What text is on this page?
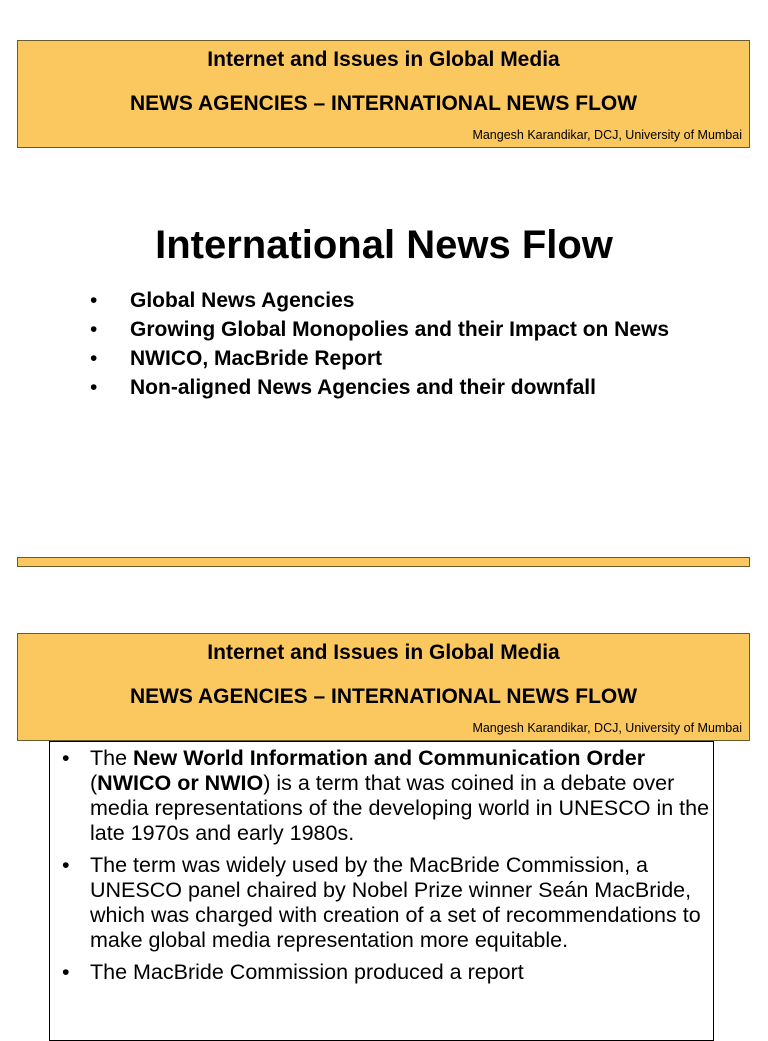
Internet and Issues in Global Media
NEWS AGENCIES – INTERNATIONAL NEWS FLOW
Mangesh Karandikar, DCJ, University of Mumbai
International News Flow
• Global News Agencies
• Growing Global Monopolies and their Impact on News
• NWICO, MacBride Report
• Non-aligned News Agencies and their downfall
Internet and Issues in Global Media
NEWS AGENCIES – INTERNATIONAL NEWS FLOW
Mangesh Karandikar, DCJ, University of Mumbai
• The New World Information and Communication Order (NWICO or NWIO) is a term that was coined in a debate over media representations of the developing world in UNESCO in the late 1970s and early 1980s.
• The term was widely used by the MacBride Commission, a UNESCO panel chaired by Nobel Prize winner Seán MacBride, which was charged with creation of a set of recommendations to make global media representation more equitable.
• The MacBride Commission produced a report
